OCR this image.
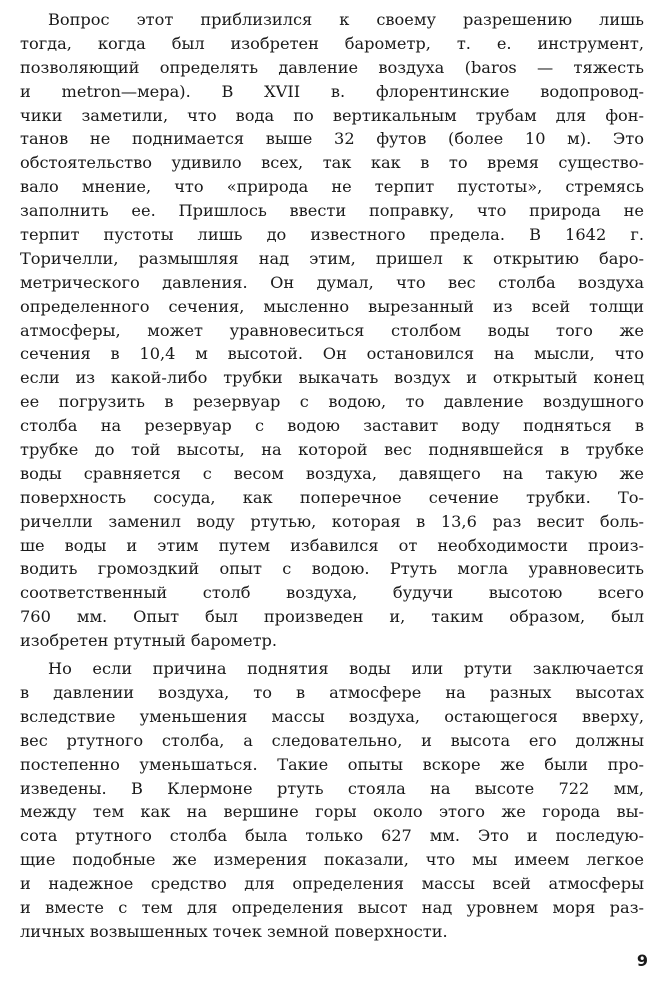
Вопрос этот приблизился к своему разрешению лишь
тогда, когда был изобретен барометр, т. е. инструмент,
позволяющий определять давление воздуха (baros — тяжесть
и metron—мера). В XVII в. флорентинские водопровод-
чики заметили, что вода по вертикальным трубам для фон-
танов не поднимается выше 32 футов (более 10 м). Это
обстоятельство удивило всех, так как в то время существо-
вало мнение, что «природа не терпит пустоты», стремясь
заполнить ее. Пришлось ввести поправку, что природа не
терпит пустоты лишь до известного предела. В 1642 г.
Торичелли, размышляя над этим, пришел к открытию баро-
метрического давления. Он думал, что вес столба воздуха
определенного сечения, мысленно вырезанный из всей толщи
атмосферы, может уравновеситься столбом воды того же
сечения в 10,4 м высотой. Он остановился на мысли, что
если из какой-либо трубки выкачать воздух и открытый конец
ее погрузить в резервуар с водою, то давление воздушного
столба на резервуар с водою заставит воду подняться в
трубке до той высоты, на которой вес поднявшейся в трубке
воды сравняется с весом воздуха, давящего на такую же
поверхность сосуда, как поперечное сечение трубки. То-
ричелли заменил воду ртутью, которая в 13,6 раз весит боль-
ше воды и этим путем избавился от необходимости произ-
водить громоздкий опыт с водою. Ртуть могла уравновесить
соответственный столб воздуха, будучи высотою всего
760 мм. Опыт был произведен и, таким образом, был
изобретен ртутный барометр.
Но если причина поднятия воды или ртути заключается
в давлении воздуха, то в атмосфере на разных высотах
вследствие уменьшения массы воздуха, остающегося вверху,
вес ртутного столба, а следовательно, и высота его должны
постепенно уменьшаться. Такие опыты вскоре же были про-
изведены. В Клермоне ртуть стояла на высоте 722 мм,
между тем как на вершине горы около этого же города вы-
сота ртутного столба была только 627 мм. Это и последую-
щие подобные же измерения показали, что мы имеем легкое
и надежное средство для определения массы всей атмосферы
и вместе с тем для определения высот над уровнем моря раз-
личных возвышенных точек земной поверхности.
9
